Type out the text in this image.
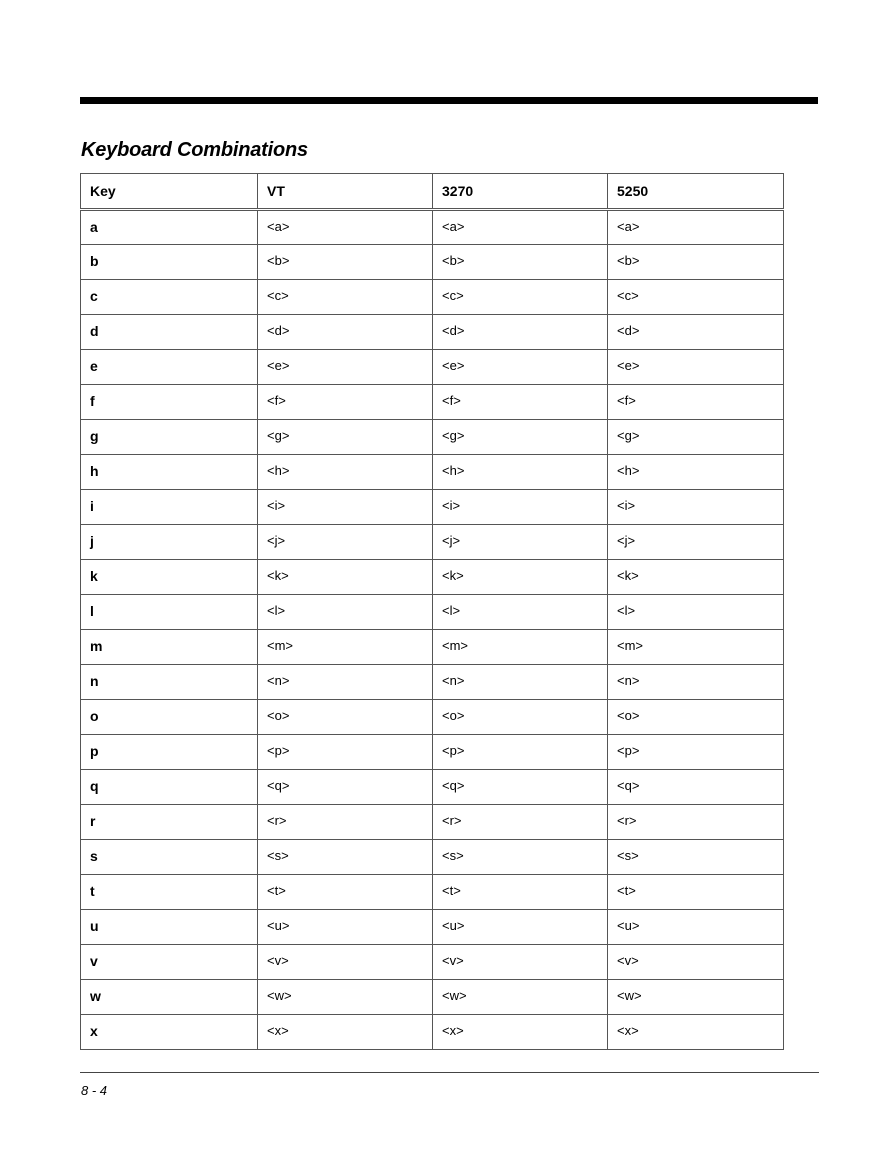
Keyboard Combinations
Key	VT	3270	5250
a	<a>	<a>	<a>
b	<b>	<b>	<b>
c	<c>	<c>	<c>
d	<d>	<d>	<d>
e	<e>	<e>	<e>
f	<f>	<f>	<f>
g	<g>	<g>	<g>
h	<h>	<h>	<h>
i	<i>	<i>	<i>
j	<j>	<j>	<j>
k	<k>	<k>	<k>
l	<l>	<l>	<l>
m	<m>	<m>	<m>
n	<n>	<n>	<n>
o	<o>	<o>	<o>
p	<p>	<p>	<p>
q	<q>	<q>	<q>
r	<r>	<r>	<r>
s	<s>	<s>	<s>
t	<t>	<t>	<t>
u	<u>	<u>	<u>
v	<v>	<v>	<v>
w	<w>	<w>	<w>
x	<x>	<x>	<x>
8 - 4
